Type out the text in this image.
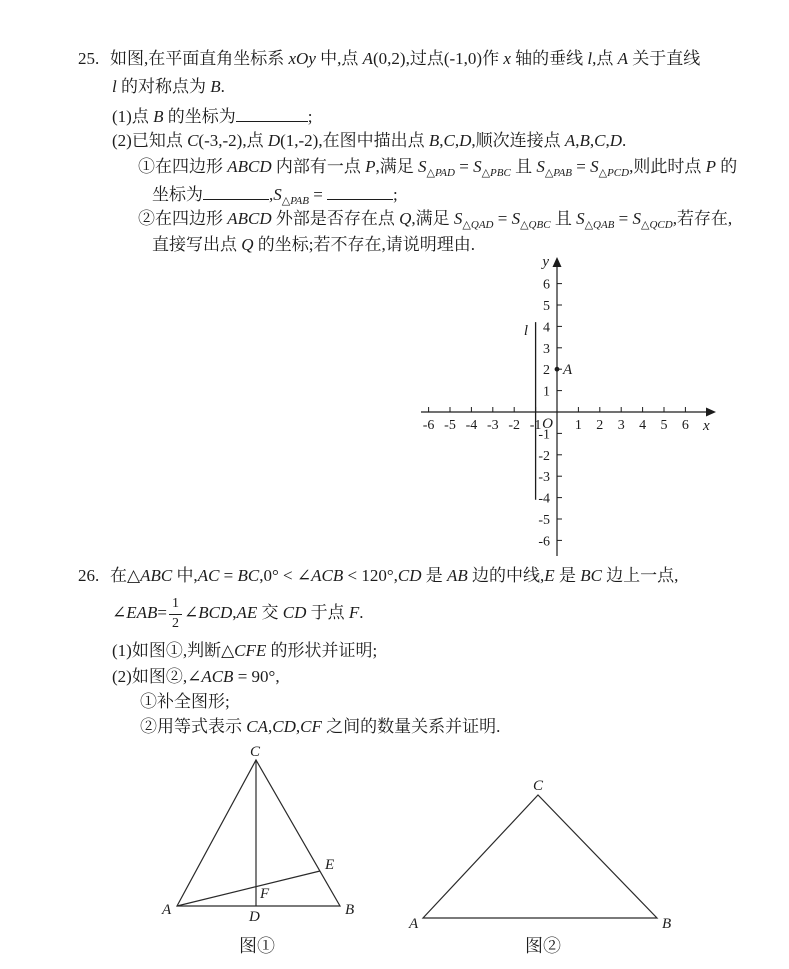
25. 如图,在平面直角坐标系 xOy 中,点 A(0,2),过点(-1,0)作 x 轴的垂线 l,点 A 关于直线
l 的对称点为 B.
(1)点 B 的坐标为	;
(2)已知点 C(-3,-2),点 D(1,-2),在图中描出点 B,C,D,顺次连接点 A,B,C,D.
①在四边形 ABCD 内部有一点 P,满足 $S_{\triangle PAD} = S_{\triangle PBC}$ 且 $S_{\triangle PAB} = S_{\triangle PCD}$,则此时点 P 的
坐标为	$,S_{\triangle PAB}$ =	;
②在四边形 ABCD 外部是否存在点 Q,满足 $S_{\triangle QAD} = S_{\triangle QBC}$ 且 $S_{\triangle QAB} = S_{\triangle QCD}$,若存在,
直接写出点 Q 的坐标;若不存在,请说明理由.
y
x
O
l
A
-6 -5 -4 -3 -2 -1 1 2 3 4 5 6
-6
-5
-4
-3
-2
-1
1
2
3
4
5
6
26. 在△ABC 中,AC = BC,0° < ∠ACB < 120°,CD 是 AB 边的中线,E 是 BC 边上一点,
∠EAB= $\frac{1}{2}$ ∠BCD,AE 交 CD 于点 F.
(1)如图①,判断△CFE 的形状并证明;
(2)如图②,∠ACB = 90°,
①补全图形;
②用等式表示 CA,CD,CF 之间的数量关系并证明.
C
A	B
D
E
F
图①
C
A	B
图②
